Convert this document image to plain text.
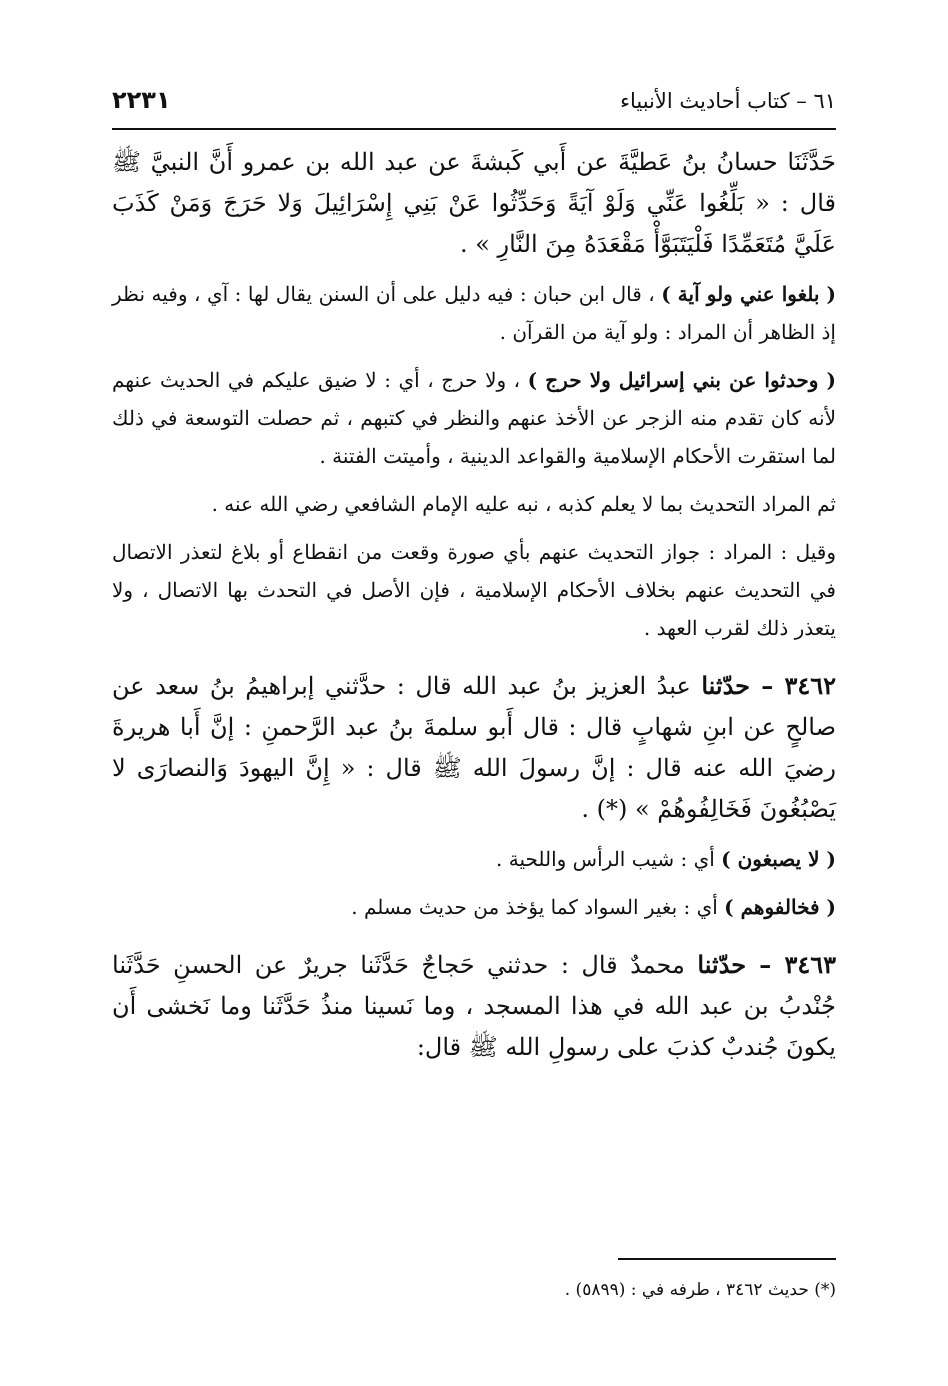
٦١ – كتاب أحاديث الأنبياء
٢٢٣١

حَدَّثَنَا حسانُ بنُ عَطيَّةَ عن أَبي كَبشةَ عن عبد الله بن عمرو أَنَّ النبيَّ ﷺ قال : « بَلِّغُوا عَنِّي وَلَوْ آيَةً وَحَدِّثُوا عَنْ بَنِي إِسْرَائِيلَ وَلا حَرَجَ وَمَنْ كَذَبَ عَلَيَّ مُتَعَمِّدًا فَلْيَتَبَوَّأْ مَقْعَدَهُ مِنَ النَّارِ » .

( بلغوا عني ولو آية ) ، قال ابن حبان : فيه دليل على أن السنن يقال لها : آي ، وفيه نظر إذ الظاهر أن المراد : ولو آية من القرآن .

( وحدثوا عن بني إسرائيل ولا حرج ) ، ولا حرج ، أي : لا ضيق عليكم في الحديث عنهم لأنه كان تقدم منه الزجر عن الأخذ عنهم والنظر في كتبهم ، ثم حصلت التوسعة في ذلك لما استقرت الأحكام الإسلامية والقواعد الدينية ، وأميتت الفتنة .

ثم المراد التحديث بما لا يعلم كذبه ، نبه عليه الإمام الشافعي رضي الله عنه .

وقيل : المراد : جواز التحديث عنهم بأي صورة وقعت من انقطاع أو بلاغ لتعذر الاتصال في التحديث عنهم بخلاف الأحكام الإسلامية ، فإن الأصل في التحدث بها الاتصال ، ولا يتعذر ذلك لقرب العهد .

٣٤٦٢ – حدّثنا عبدُ العزيز بنُ عبد الله قال : حدَّثني إبراهيمُ بنُ سعد عن صالحٍ عن ابنِ شهابٍ قال : قال أَبو سلمةَ بنُ عبد الرَّحمنِ : إنَّ أَبا هريرةَ رضيَ الله عنه قال : إنَّ رسولَ الله ﷺ قال : « إِنَّ اليهودَ وَالنصارَى لا يَصْبُغُونَ فَخَالِفُوهُمْ » (*) .

( لا يصبغون ) أي : شيب الرأس واللحية .

( فخالفوهم ) أي : بغير السواد كما يؤخذ من حديث مسلم .

٣٤٦٣ – حدّثنا محمدٌ قال : حدثني حَجاجٌ حَدَّثَنا جريرٌ عن الحسنِ حَدَّثَنا جُنْدبُ بن عبد الله في هذا المسجد ، وما نَسينا منذُ حَدَّثَنا وما نَخشى أَن يكونَ جُندبٌ كذبَ على رسولِ الله ﷺ قال:

(*) حديث ٣٤٦٢ ، طرفه في : (٥٨٩٩) .
